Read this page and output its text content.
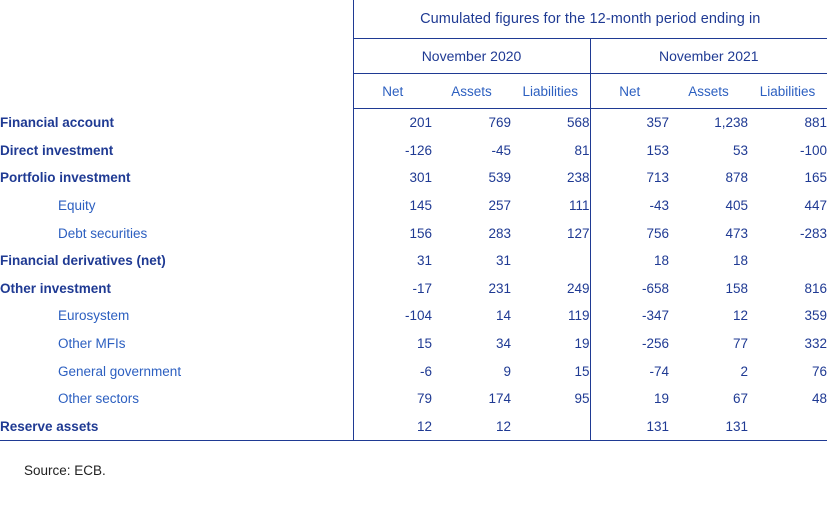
	Cumulated figures for the 12-month period ending in					
	November 2020			November 2021		
	Net	Assets	Liabilities	Net	Assets	Liabilities
Financial account	201	769	568	357	1,238	881
Direct investment	-126	-45	81	153	53	-100
Portfolio investment	301	539	238	713	878	165
Equity	145	257	111	-43	405	447
Debt securities	156	283	127	756	473	-283
Financial derivatives (net)	31	31		18	18	
Other investment	-17	231	249	-658	158	816
Eurosystem	-104	14	119	-347	12	359
Other MFIs	15	34	19	-256	77	332
General government	-6	9	15	-74	2	76
Other sectors	79	174	95	19	67	48
Reserve assets	12	12		131	131	

Source: ECB.
